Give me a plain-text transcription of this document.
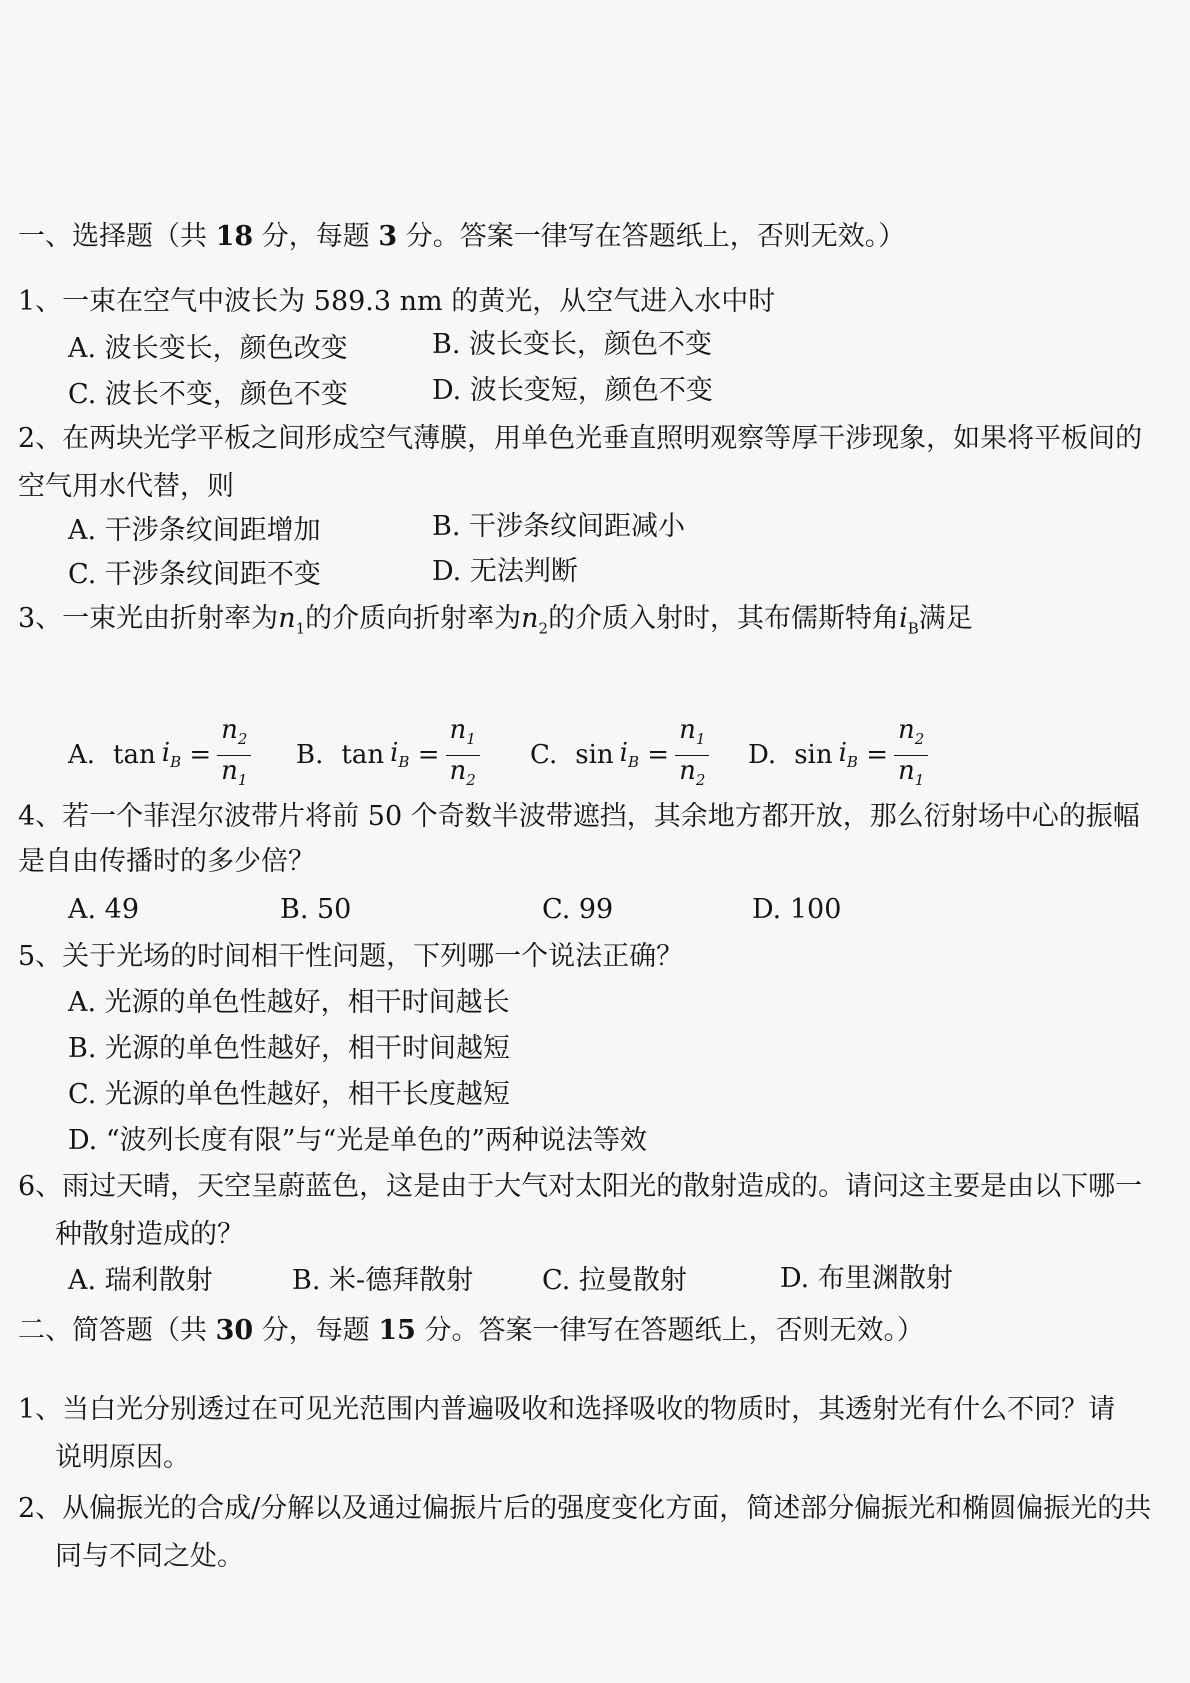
一、选择题（共 18 分，每题 3 分。答案一律写在答题纸上，否则无效。）
1、一束在空气中波长为 589.3 nm 的黄光，从空气进入水中时
A. 波长变长，颜色改变	B. 波长变长，颜色不变
C. 波长不变，颜色不变	D. 波长变短，颜色不变
2、在两块光学平板之间形成空气薄膜，用单色光垂直照明观察等厚干涉现象，如果将平板间的
空气用水代替，则
A. 干涉条纹间距增加	B. 干涉条纹间距减小
C. 干涉条纹间距不变	D. 无法判断
3、一束光由折射率为$n_1$的介质向折射率为$n_2$的介质入射时，其布儒斯特角$i_B$满足
A. $\tan i_B = \frac{n_2}{n_1} B$. $\tan i_B = \frac{n_1}{n_2} C$. $\sin i_B = \frac{n_1}{n_2} D$. $\sin i_B = \frac{n_2}{n_1}$
4、若一个菲涅尔波带片将前 50 个奇数半波带遮挡，其余地方都开放，那么衍射场中心的振幅
是自由传播时的多少倍？
A. 49	B. 50	C. 99	D. 100
5、关于光场的时间相干性问题，下列哪一个说法正确？
A. 光源的单色性越好，相干时间越长
B. 光源的单色性越好，相干时间越短
C. 光源的单色性越好，相干长度越短
D. “波列长度有限”与“光是单色的”两种说法等效
6、雨过天晴，天空呈蔚蓝色，这是由于大气对太阳光的散射造成的。请问这主要是由以下哪一
种散射造成的？
A. 瑞利散射	B. 米-德拜散射	C. 拉曼散射	D. 布里渊散射
二、简答题（共 30 分，每题 15 分。答案一律写在答题纸上，否则无效。）
1、当白光分别透过在可见光范围内普遍吸收和选择吸收的物质时，其透射光有什么不同？请
说明原因。
2、从偏振光的合成/分解以及通过偏振片后的强度变化方面，简述部分偏振光和椭圆偏振光的共
同与不同之处。
